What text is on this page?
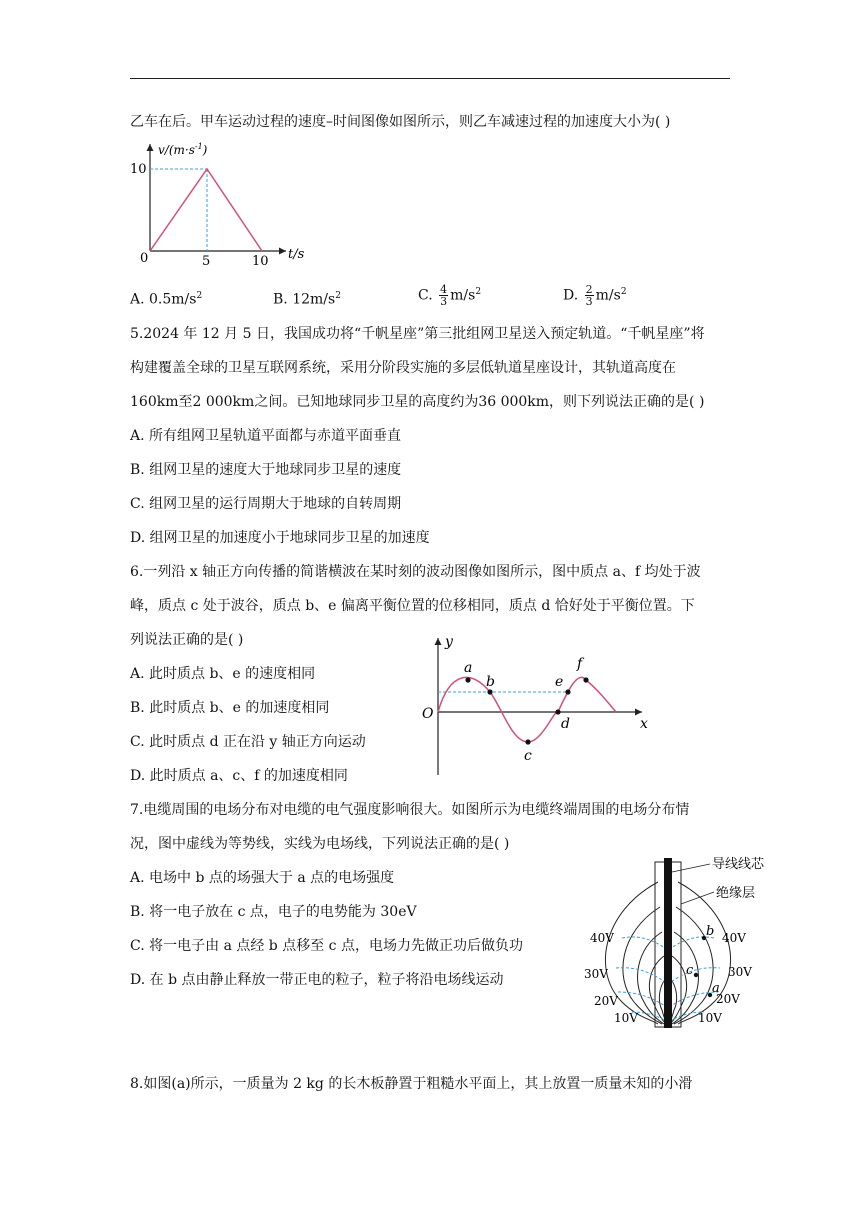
乙车在后。甲车运动过程的速度–时间图像如图所示，则乙车减速过程的加速度大小为( )
$v/(m\cdot s^{-1})$
10
0	5	10 t/s
A. $0.5m/s^2$	B. $12m/s^2$	C. $\frac{4}{3} m/s^2$	D. $\frac{2}{3} m/s^2$
5.2024 年 12 月 5 日，我国成功将“千帆星座”第三批组网卫星送入预定轨道。“千帆星座”将
构建覆盖全球的卫星互联网系统，采用分阶段实施的多层低轨道星座设计，其轨道高度在
160km至2 000km之间。已知地球同步卫星的高度约为36 000km，则下列说法正确的是( )
A. 所有组网卫星轨道平面都与赤道平面垂直
B. 组网卫星的速度大于地球同步卫星的速度
C. 组网卫星的运行周期大于地球的自转周期
D. 组网卫星的加速度小于地球同步卫星的加速度
6.一列沿 x 轴正方向传播的简谐横波在某时刻的波动图像如图所示，图中质点 a、f 均处于波
峰，质点 c 处于波谷，质点 b、e 偏离平衡位置的位移相同，质点 d 恰好处于平衡位置。下
列说法正确的是( )
A. 此时质点 b、e 的速度相同
B. 此时质点 b、e 的加速度相同
C. 此时质点 d 正在沿 y 轴正方向运动
D. 此时质点 a、c、f 的加速度相同
y
x
O
a
b
c
d
e
f
7.电缆周围的电场分布对电缆的电气强度影响很大。如图所示为电缆终端周围的电场分布情
况，图中虚线为等势线，实线为电场线，下列说法正确的是( )
A. 电场中 b 点的场强大于 a 点的电场强度
B. 将一电子放在 c 点，电子的电势能为 30eV
C. 将一电子由 a 点经 b 点移至 c 点，电场力先做正功后做负功
D. 在 b 点由静止释放一带正电的粒子，粒子将沿电场线运动
导线线芯
绝缘层
40V	40V
30V	30V
20V	20V
10V	10V
a
b
c
8.如图(a)所示，一质量为 2 kg 的长木板静置于粗糙水平面上，其上放置一质量未知的小滑
